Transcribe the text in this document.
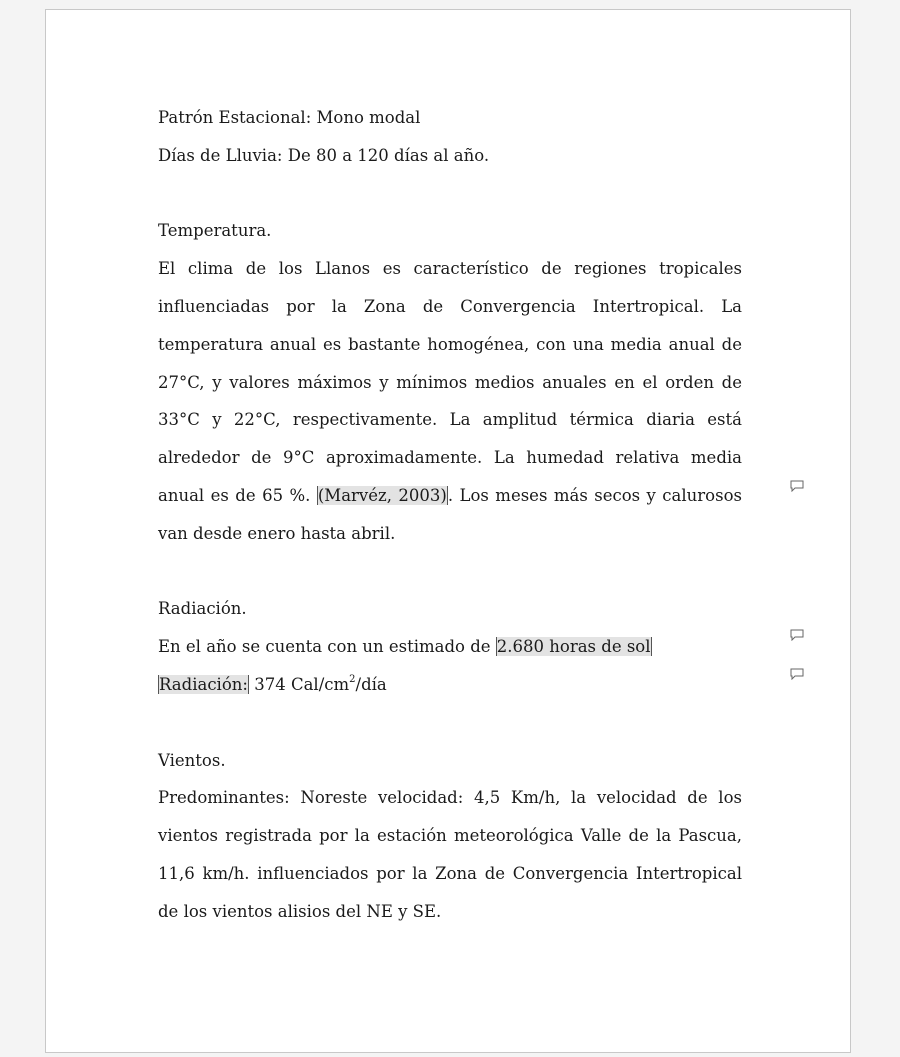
Patrón Estacional: Mono modal

Días de Lluvia: De 80 a 120 días al año.

Temperatura.

El clima de los Llanos es característico de regiones tropicales influenciadas por la Zona de Convergencia Intertropical. La temperatura anual es bastante homogénea, con una media anual de 27°C, y valores máximos y mínimos medios anuales en el orden de 33°C y 22°C, respectivamente. La amplitud térmica diaria está alrededor de 9°C aproximadamente. La humedad relativa media anual es de 65 %. (Marvéz, 2003). Los meses más secos y calurosos van desde enero hasta abril.

Radiación.

En el año se cuenta con un estimado de 2.680 horas de sol

Radiación: 374 Cal/$cm^2$/día

Vientos.

Predominantes: Noreste velocidad: 4,5 Km/h, la velocidad de los vientos registrada por la estación meteorológica Valle de la Pascua, 11,6 km/h. influenciados por la Zona de Convergencia Intertropical de los vientos alisios del NE y SE.
